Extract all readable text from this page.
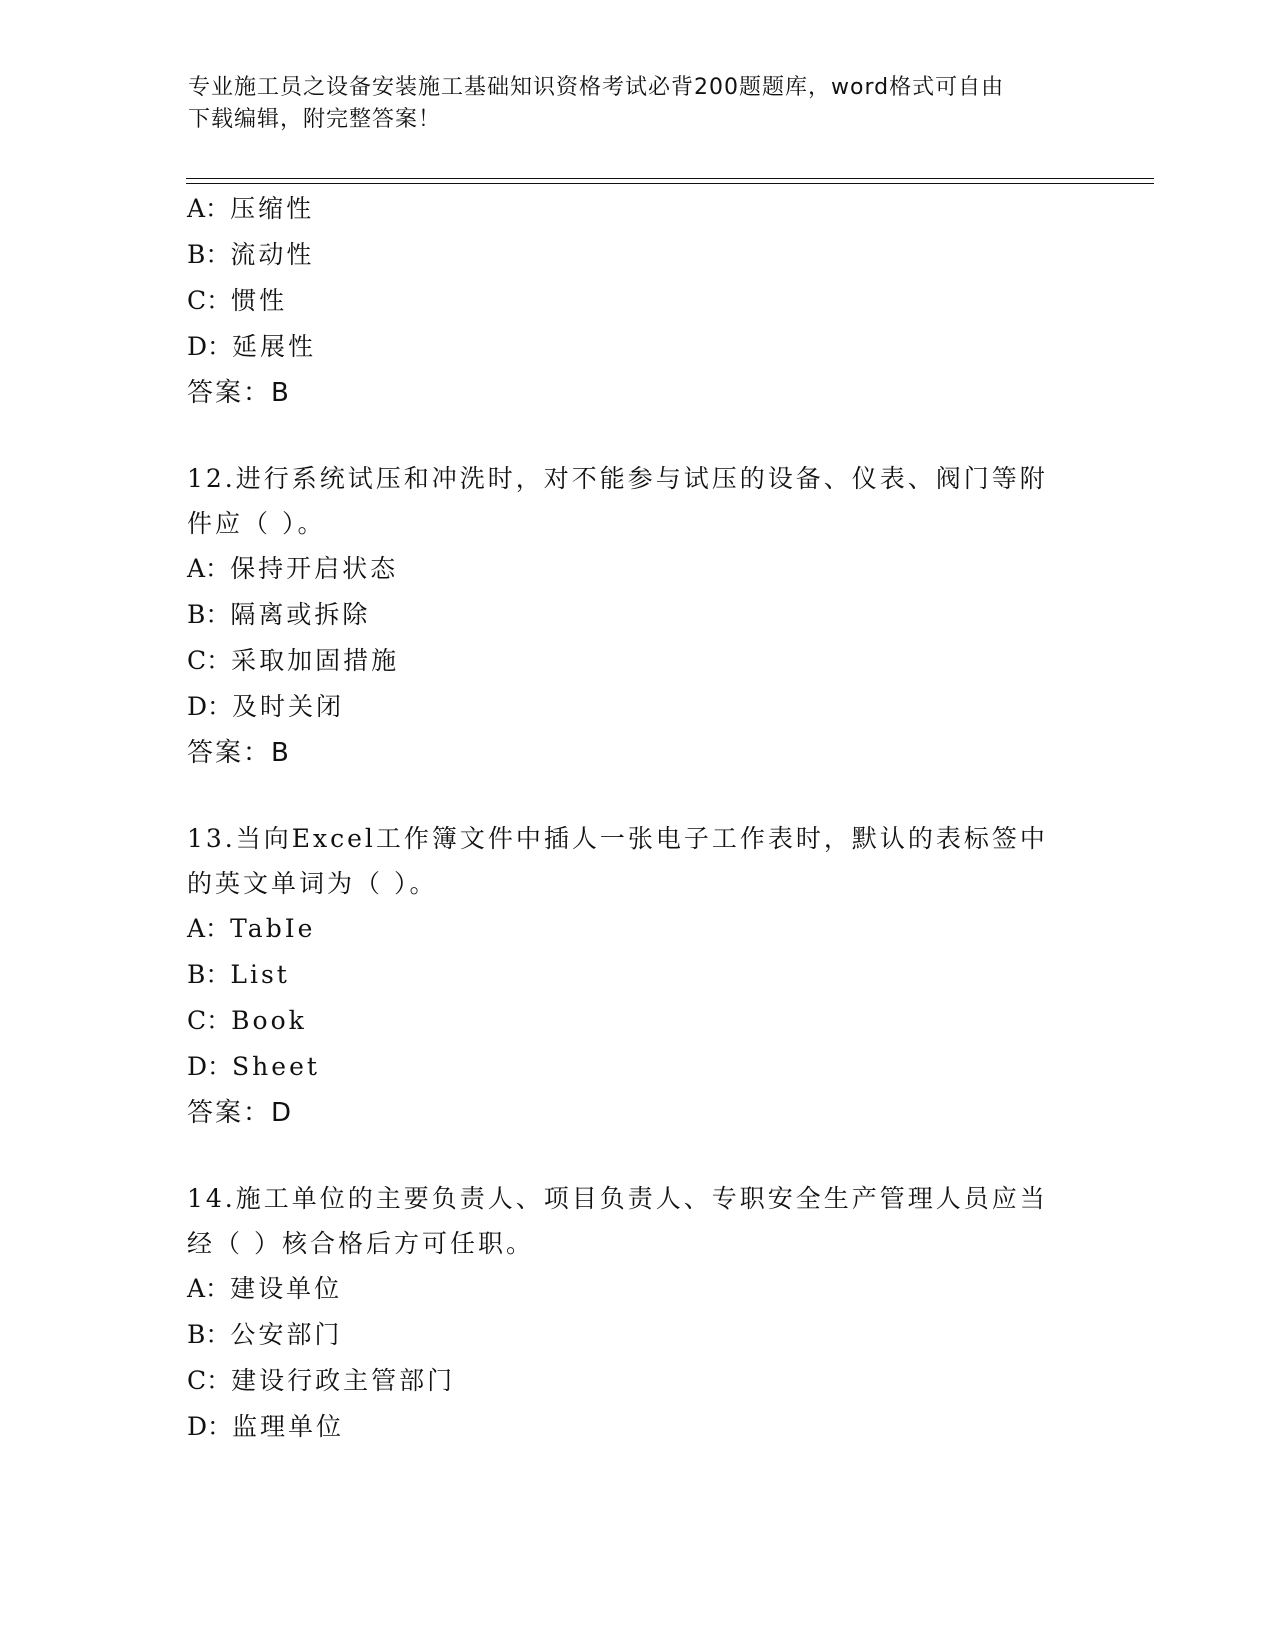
专业施工员之设备安装施工基础知识资格考试必背200题题库，word格式可自由
下载编辑，附完整答案！
A：压缩性
B：流动性
C：惯性
D：延展性
答案：B
12.进行系统试压和冲洗时，对不能参与试压的设备、仪表、阀门等附
件应（ ）。
A：保持开启状态
B：隔离或拆除
C：采取加固措施
D：及时关闭
答案：B
13.当向Excel工作簿文件中插人一张电子工作表时，默认的表标签中
的英文单词为（ ）。
A：TabIe
B：List
C：Book
D：Sheet
答案：D
14.施工单位的主要负责人、项目负责人、专职安全生产管理人员应当
经（ ）核合格后方可任职。
A：建设单位
B：公安部门
C：建设行政主管部门
D：监理单位
